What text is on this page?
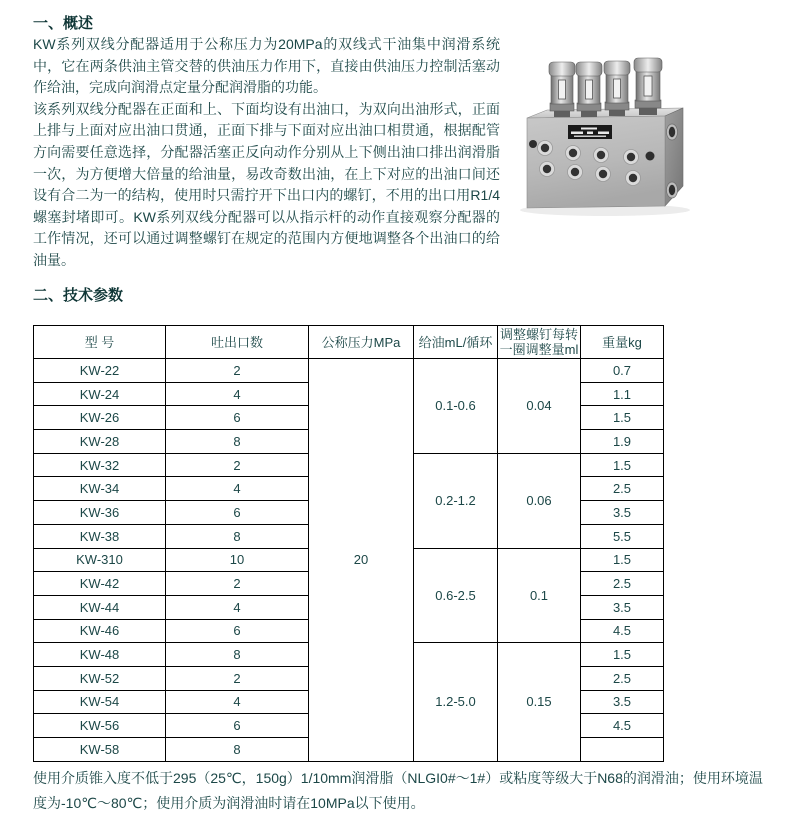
一、概述

KW系列双线分配器适用于公称压力为20MPa的双线式干油集中润滑系统中，它在两条供油主管交替的供油压力作用下，直接由供油压力控制活塞动作给油，完成向润滑点定量分配润滑脂的功能。

该系列双线分配器在正面和上、下面均设有出油口，为双向出油形式，正面上排与上面对应出油口贯通，正面下排与下面对应出油口相贯通，根据配管方向需要任意选择，分配器活塞正反向动作分别从上下侧出油口排出润滑脂一次，为方便增大倍量的给油量，易改奇数出油，在上下对应的出油口间还设有合二为一的结构，使用时只需拧开下出口内的螺钉，不用的出口用R1/4 螺塞封堵即可。KW系列双线分配器可以从指示杆的动作直接观察分配器的工作情况，还可以通过调整螺钉在规定的范围内方便地调整各个出油口的给油量。

二、技术参数
型 号	吐出口数	公称压力MPa	给油mL/循环	调整螺钉每转一圈调整量ml	重量kg
KW-22	2	20	0.1-0.6	0.04	0.7
KW-24	4				1.1
KW-26	6				1.5
KW-28	8				1.9
KW-32	2		0.2-1.2	0.06	1.5
KW-34	4				2.5
KW-36	6				3.5
KW-38	8				5.5
KW-310	10		0.6-2.5	0.1	1.5
KW-42	2				2.5
KW-44	4				3.5
KW-46	6				4.5
KW-48	8		1.2-5.0	0.15	1.5
KW-52	2				2.5
KW-54	4				3.5
KW-56	6				4.5
KW-58	8				

使用介质锥入度不低于295（25℃，150g）1/10mm润滑脂（NLGI0#～1#）或粘度等级大于N68的润滑油；使用环境温度为-10℃～80℃；使用介质为润滑油时请在10MPa以下使用。
